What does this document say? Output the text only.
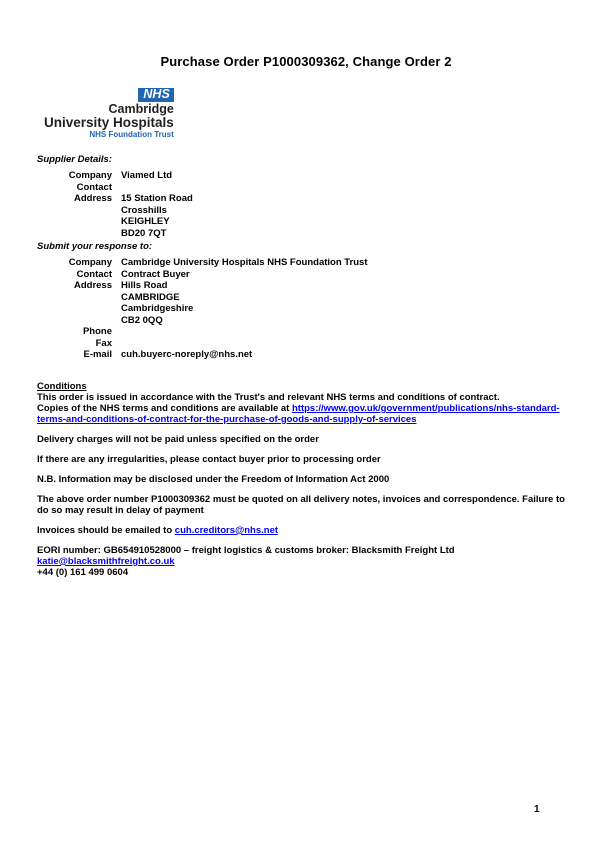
Purchase Order P1000309362, Change Order 2
NHS
Cambridge
University Hospitals
NHS Foundation Trust
Supplier Details:
Company Viamed Ltd
Contact
Address 15 Station Road
Crosshills
KEIGHLEY
BD20 7QT
Submit your response to:
Company Cambridge University Hospitals NHS Foundation Trust
Contact Contract Buyer
Address Hills Road
CAMBRIDGE
Cambridgeshire
CB2 0QQ
Phone
Fax
E-mail cuh.buyerc-noreply@nhs.net
Conditions
This order is issued in accordance with the Trust's and relevant NHS terms and conditions of contract.
Copies of the NHS terms and conditions are available at https://www.gov.uk/government/publications/nhs-standard-terms-and-conditions-of-contract-for-the-purchase-of-goods-and-supply-of-services
Delivery charges will not be paid unless specified on the order
If there are any irregularities, please contact buyer prior to processing order
N.B. Information may be disclosed under the Freedom of Information Act 2000
The above order number P1000309362 must be quoted on all delivery notes, invoices and correspondence. Failure to do so may result in delay of payment
Invoices should be emailed to cuh.creditors@nhs.net
EORI number: GB654910528000 – freight logistics & customs broker: Blacksmith Freight Ltd katie@blacksmithfreight.co.uk
+44 (0) 161 499 0604
1
